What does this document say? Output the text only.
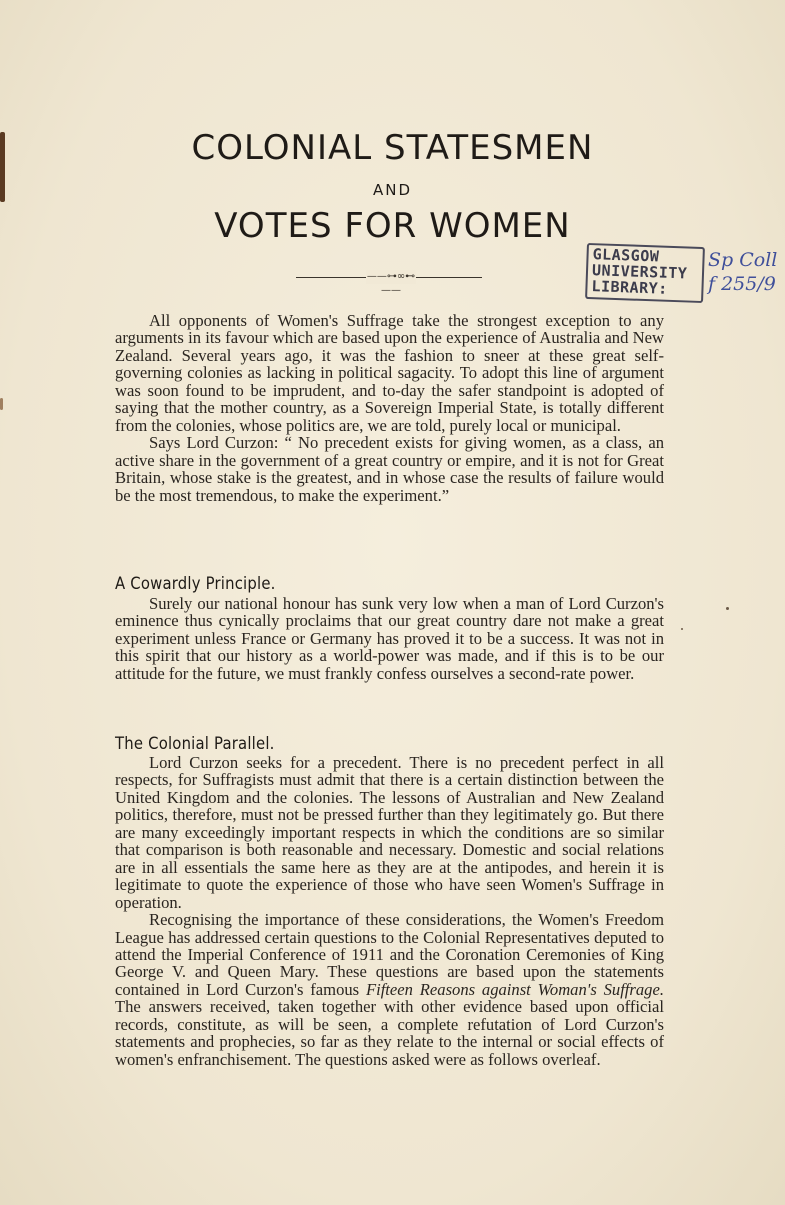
COLONIAL STATESMEN
AND
VOTES FOR WOMEN
——⊶∞⊷——
GLASGOW
UNIVERSITY
LIBRARY:
Sp Coll
f 255/9

All opponents of Women's Suffrage take the strongest exception to any arguments in its favour which are based upon the experience of Australia and New Zealand. Several years ago, it was the fashion to sneer at these great self-governing colonies as lacking in political sagacity. To adopt this line of argument was soon found to be imprudent, and to-day the safer standpoint is adopted of saying that the mother country, as a Sovereign Imperial State, is totally different from the colonies, whose politics are, we are told, purely local or municipal.

Says Lord Curzon: “ No precedent exists for giving women, as a class, an active share in the government of a great country or empire, and it is not for Great Britain, whose stake is the greatest, and in whose case the results of failure would be the most tremendous, to make the experiment.”

A Cowardly Principle.

Surely our national honour has sunk very low when a man of Lord Curzon's eminence thus cynically proclaims that our great country dare not make a great experiment unless France or Germany has proved it to be a success. It was not in this spirit that our history as a world-power was made, and if this is to be our attitude for the future, we must frankly confess ourselves a second-rate power.

The Colonial Parallel.

Lord Curzon seeks for a precedent. There is no precedent perfect in all respects, for Suffragists must admit that there is a certain distinction between the United Kingdom and the colonies. The lessons of Australian and New Zealand politics, therefore, must not be pressed further than they legitimately go. But there are many exceedingly important respects in which the conditions are so similar that comparison is both reasonable and necessary. Domestic and social relations are in all essentials the same here as they are at the antipodes, and herein it is legitimate to quote the experience of those who have seen Women's Suffrage in operation.

Recognising the importance of these considerations, the Women's Freedom League has addressed certain questions to the Colonial Representatives deputed to attend the Imperial Conference of 1911 and the Coronation Ceremonies of King George V. and Queen Mary. These questions are based upon the statements contained in Lord Curzon's famous Fifteen Reasons against Woman's Suffrage. The answers received, taken together with other evidence based upon official records, constitute, as will be seen, a complete refutation of Lord Curzon's statements and prophecies, so far as they relate to the internal or social effects of women's enfranchisement. The questions asked were as follows overleaf.
